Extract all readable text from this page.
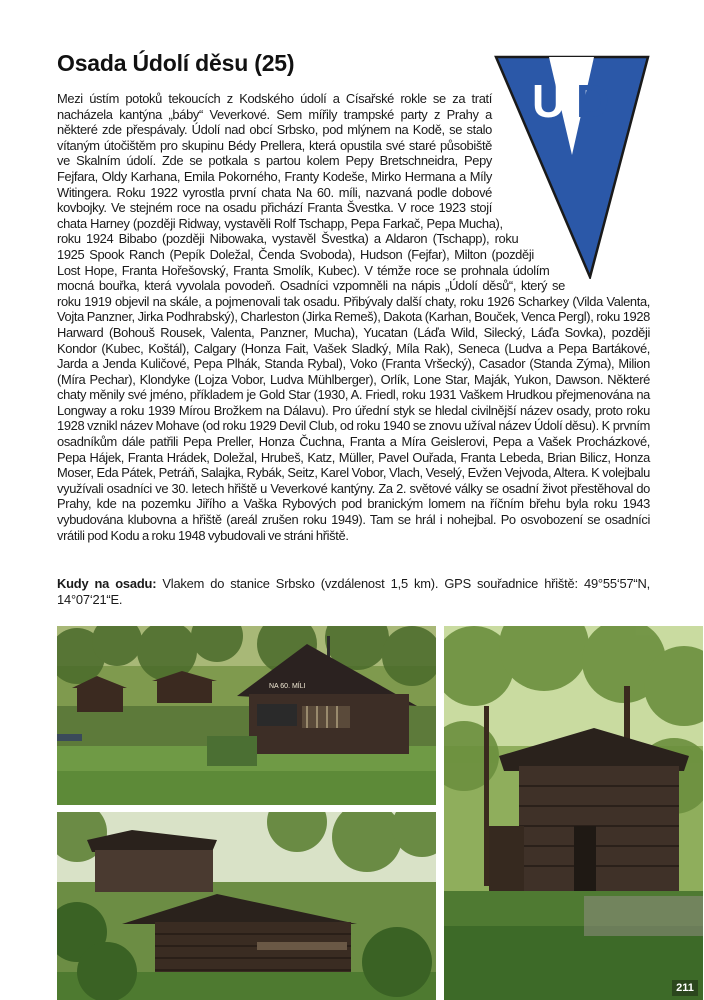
Osada Údolí děsu (25)
U D
Mezi ústím potoků tekoucích z Kodského údolí a Císařské rokle se za tratí nacházela kantýna „báby“ Veverkové. Sem mířily trampské party z Prahy a některé zde přespávaly. Údolí nad obcí Srbsko, pod mlýnem na Kodě, se stalo vítaným útočištěm pro skupinu Bédy Prellera, která opustila své staré působiště ve Skalním údolí. Zde se potkala s partou kolem Pepy Bretschneidra, Pepy Fejfara, Oldy Karhana, Emila Pokorného, Franty Kodeše, Mirko Hermana a Míly Witingera. Roku 1922 vyrostla první chata Na 60. míli, nazvaná podle dobové kovbojky. Ve stejném roce na osadu přichází Franta Švestka. V roce 1923 stojí chata Harney (později Ridway, vystavěli Rolf Tschapp, Pepa Farkač, Pepa Mucha), roku 1924 Bibabo (později Nibowaka, vystavěl Švestka) a Aldaron (Tschapp), roku 1925 Spook Ranch (Pepík Doležal, Čenda Svoboda), Hudson (Fejfar), Milton (později Lost Hope, Franta Hořešovský, Franta Smolík, Kubec). V témže roce se prohnala údolím mocná bouřka, která vyvolala povodeň. Osadníci vzpomněli na nápis „Údolí děsů“, který se roku 1919 objevil na skále, a pojmenovali tak osadu. Přibývaly další chaty, roku 1926 Scharkey (Vilda Valenta, Vojta Panzner, Jirka Podhrabský), Charleston (Jirka Remeš), Dakota (Karhan, Bouček, Venca Pergl), roku 1928 Harward (Bohouš Rousek, Valenta, Panzner, Mucha), Yucatan (Láďa Wild, Silecký, Láďa Sovka), později Kondor (Kubec, Koštál), Calgary (Honza Fait, Vašek Sladký, Míla Rak), Seneca (Ludva a Pepa Bartákové, Jarda a Jenda Kuličové, Pepa Plhák, Standa Rybal), Voko (Franta Vršecký), Casador (Standa Zýma), Milion (Míra Pechar), Klondyke (Lojza Vobor, Ludva Mühlberger), Orlík, Lone Star, Maják, Yukon, Dawson. Některé chaty měnily své jméno, příkladem je Gold Star (1930, A. Friedl, roku 1931 Vaškem Hrudkou přejmenována na Longway a roku 1939 Mírou Brožkem na Dálavu). Pro úřední styk se hledal civilnější název osady, proto roku 1928 vznikl název Mohave (od roku 1929 Devil Club, od roku 1940 se znovu užíval název Údolí děsu). K prvním osadníkům dále patřili Pepa Preller, Honza Čuchna, Franta a Míra Geislerovi, Pepa a Vašek Procházkové, Pepa Hájek, Franta Hrádek, Doležal, Hrubeš, Katz, Müller, Pavel Ouřada, Franta Lebeda, Brian Bilicz, Honza Moser, Eda Pátek, Petráň, Salajka, Rybák, Seitz, Karel Vobor, Vlach, Veselý, Evžen Vejvoda, Altera. K volejbalu využívali osadníci ve 30. letech hřiště u Veverkové kantýny. Za 2. světové války se osadní život přestěhoval do Prahy, kde na pozemku Jiřího a Vaška Rybových pod branickým lomem na říčním břehu byla roku 1943 vybudována klubovna a hřiště (areál zrušen roku 1949). Tam se hrál i nohejbal. Po osvobození se osadníci vrátili pod Kodu a roku 1948 vybudovali ve stráni hřiště.

Kudy na osadu: Vlakem do stanice Srbsko (vzdálenost 1,5 km). GPS souřadnice hřiště: 49°55‘57“N, 14°07‘21“E.

NA 60. MÍLI
211
